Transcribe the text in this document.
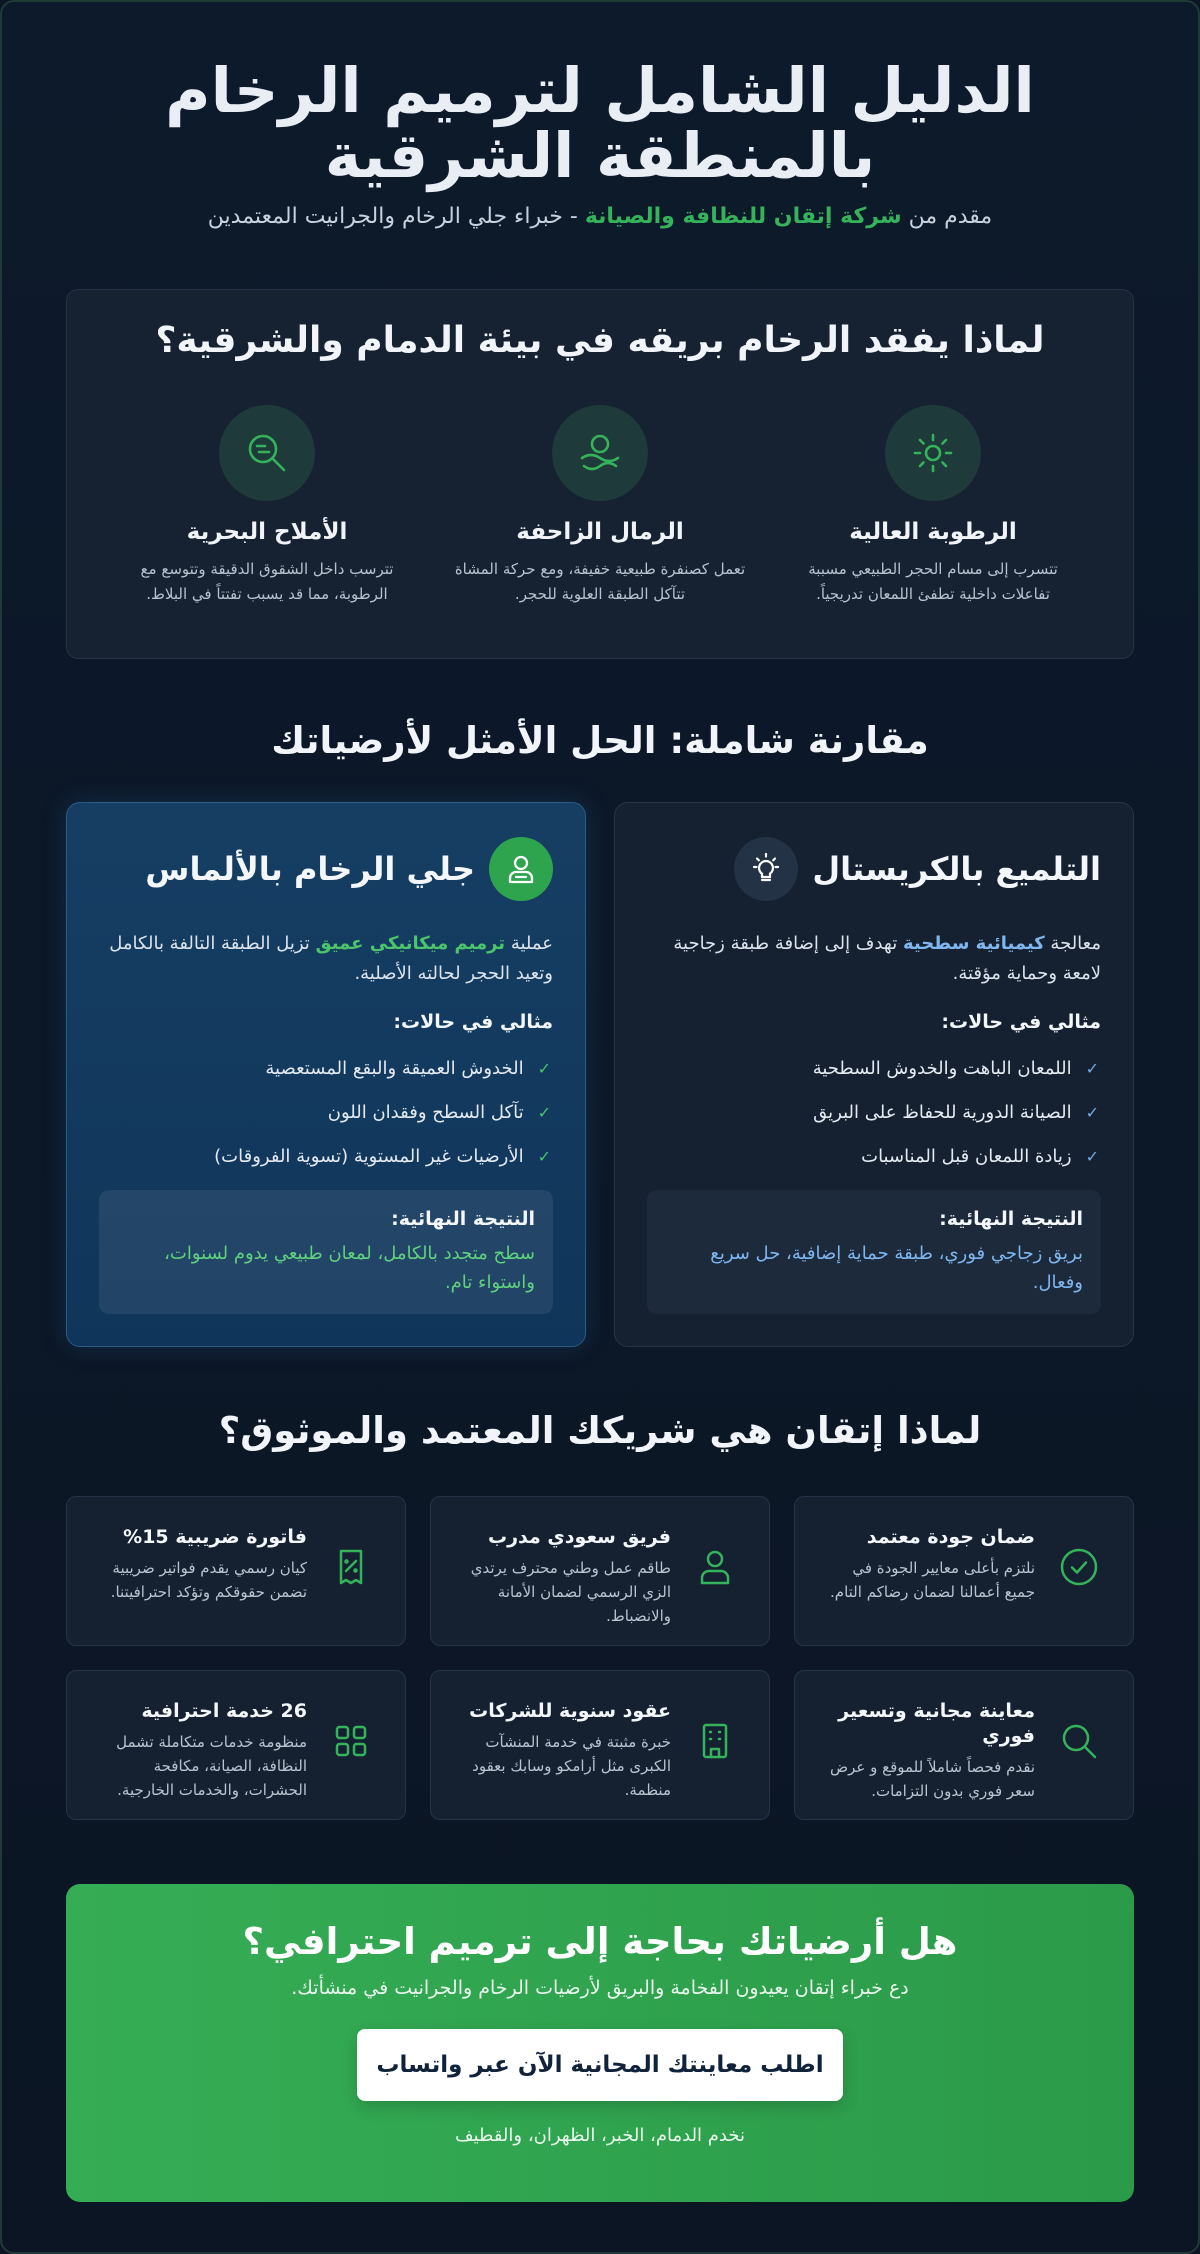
الدليل الشامل لترميم الرخام بالمنطقة الشرقية

مقدم من شركة إتقان للنظافة والصيانة - خبراء جلي الرخام والجرانيت المعتمدين

لماذا يفقد الرخام بريقه في بيئة الدمام والشرقية؟
الرطوبة العالية

تتسرب إلى مسام الحجر الطبيعي مسببة تفاعلات داخلية تطفئ اللمعان تدريجياً.

الرمال الزاحفة

تعمل كصنفرة طبيعية خفيفة، ومع حركة المشاة تتآكل الطبقة العلوية للحجر.

الأملاح البحرية

تترسب داخل الشقوق الدقيقة وتتوسع مع الرطوبة، مما قد يسبب تفتتاً في البلاط.

مقارنة شاملة: الحل الأمثل لأرضياتك
التلميع بالكريستال

معالجة كيميائية سطحية تهدف إلى إضافة طبقة زجاجية لامعة وحماية مؤقتة.

مثالي في حالات:
✓
اللمعان الباهت والخدوش السطحية
✓
الصيانة الدورية للحفاظ على البريق
✓
زيادة اللمعان قبل المناسبات
النتيجة النهائية:

بريق زجاجي فوري، طبقة حماية إضافية، حل سريع وفعال.

جلي الرخام بالألماس

عملية ترميم ميكانيكي عميق تزيل الطبقة التالفة بالكامل وتعيد الحجر لحالته الأصلية.

مثالي في حالات:
✓
الخدوش العميقة والبقع المستعصية
✓
تآكل السطح وفقدان اللون
✓
الأرضيات غير المستوية (تسوية الفروقات)
النتيجة النهائية:

سطح متجدد بالكامل، لمعان طبيعي يدوم لسنوات، واستواء تام.

لماذا إتقان هي شريكك المعتمد والموثوق؟
ضمان جودة معتمد

نلتزم بأعلى معايير الجودة في جميع أعمالنا لضمان رضاكم التام.

فريق سعودي مدرب

طاقم عمل وطني محترف يرتدي الزي الرسمي لضمان الأمانة والانضباط.

فاتورة ضريبية 15%

كيان رسمي يقدم فواتير ضريبية تضمن حقوقكم وتؤكد احترافيتنا.

معاينة مجانية وتسعير فوري

نقدم فحصاً شاملاً للموقع و عرض سعر فوري بدون التزامات.

عقود سنوية للشركات

خبرة مثبتة في خدمة المنشآت الكبرى مثل أرامكو وسابك بعقود منظمة.

26 خدمة احترافية

منظومة خدمات متكاملة تشمل النظافة، الصيانة، مكافحة الحشرات، والخدمات الخارجية.

هل أرضياتك بحاجة إلى ترميم احترافي؟

دع خبراء إتقان يعيدون الفخامة والبريق لأرضيات الرخام والجرانيت في منشأتك.

اطلب معاينتك المجانية الآن عبر واتساب

نخدم الدمام، الخبر، الظهران، والقطيف
